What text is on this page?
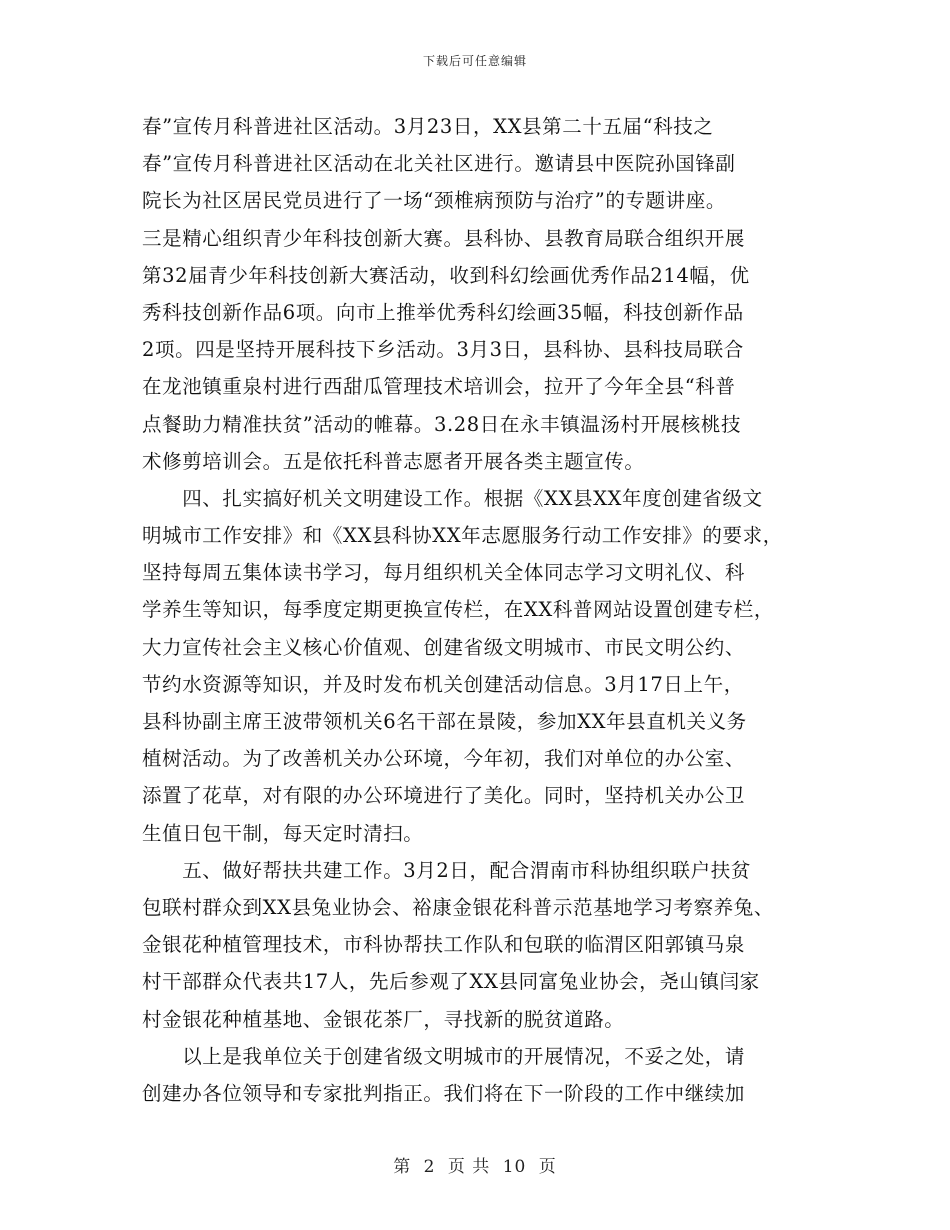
下载后可任意编辑
春”宣传月科普进社区活动。3月23日，XX县第二十五届“科技之
春”宣传月科普进社区活动在北关社区进行。邀请县中医院孙国锋副
院长为社区居民党员进行了一场“颈椎病预防与治疗”的专题讲座。
三是精心组织青少年科技创新大赛。县科协、县教育局联合组织开展
第32届青少年科技创新大赛活动，收到科幻绘画优秀作品214幅，优
秀科技创新作品6项。向市上推举优秀科幻绘画35幅，科技创新作品
2项。四是坚持开展科技下乡活动。3月3日，县科协、县科技局联合
在龙池镇重泉村进行西甜瓜管理技术培训会，拉开了今年全县“科普
点餐助力精准扶贫”活动的帷幕。3.28日在永丰镇温汤村开展核桃技
术修剪培训会。五是依托科普志愿者开展各类主题宣传。
　　四、扎实搞好机关文明建设工作。根据《XX县XX年度创建省级文
明城市工作安排》和《XX县科协XX年志愿服务行动工作安排》的要求，
坚持每周五集体读书学习，每月组织机关全体同志学习文明礼仪、科
学养生等知识，每季度定期更换宣传栏，在XX科普网站设置创建专栏，
大力宣传社会主义核心价值观、创建省级文明城市、市民文明公约、
节约水资源等知识，并及时发布机关创建活动信息。3月17日上午，
县科协副主席王波带领机关6名干部在景陵，参加XX年县直机关义务
植树活动。为了改善机关办公环境，今年初，我们对单位的办公室、
添置了花草，对有限的办公环境进行了美化。同时，坚持机关办公卫
生值日包干制，每天定时清扫。
　　五、做好帮扶共建工作。3月2日，配合渭南市科协组织联户扶贫
包联村群众到XX县兔业协会、裕康金银花科普示范基地学习考察养兔、
金银花种植管理技术，市科协帮扶工作队和包联的临渭区阳郭镇马泉
村干部群众代表共17人，先后参观了XX县同富兔业协会，尧山镇闫家
村金银花种植基地、金银花茶厂，寻找新的脱贫道路。
　　以上是我单位关于创建省级文明城市的开展情况，不妥之处，请
创建办各位领导和专家批判指正。我们将在下一阶段的工作中继续加
第 2 页 共 10 页
